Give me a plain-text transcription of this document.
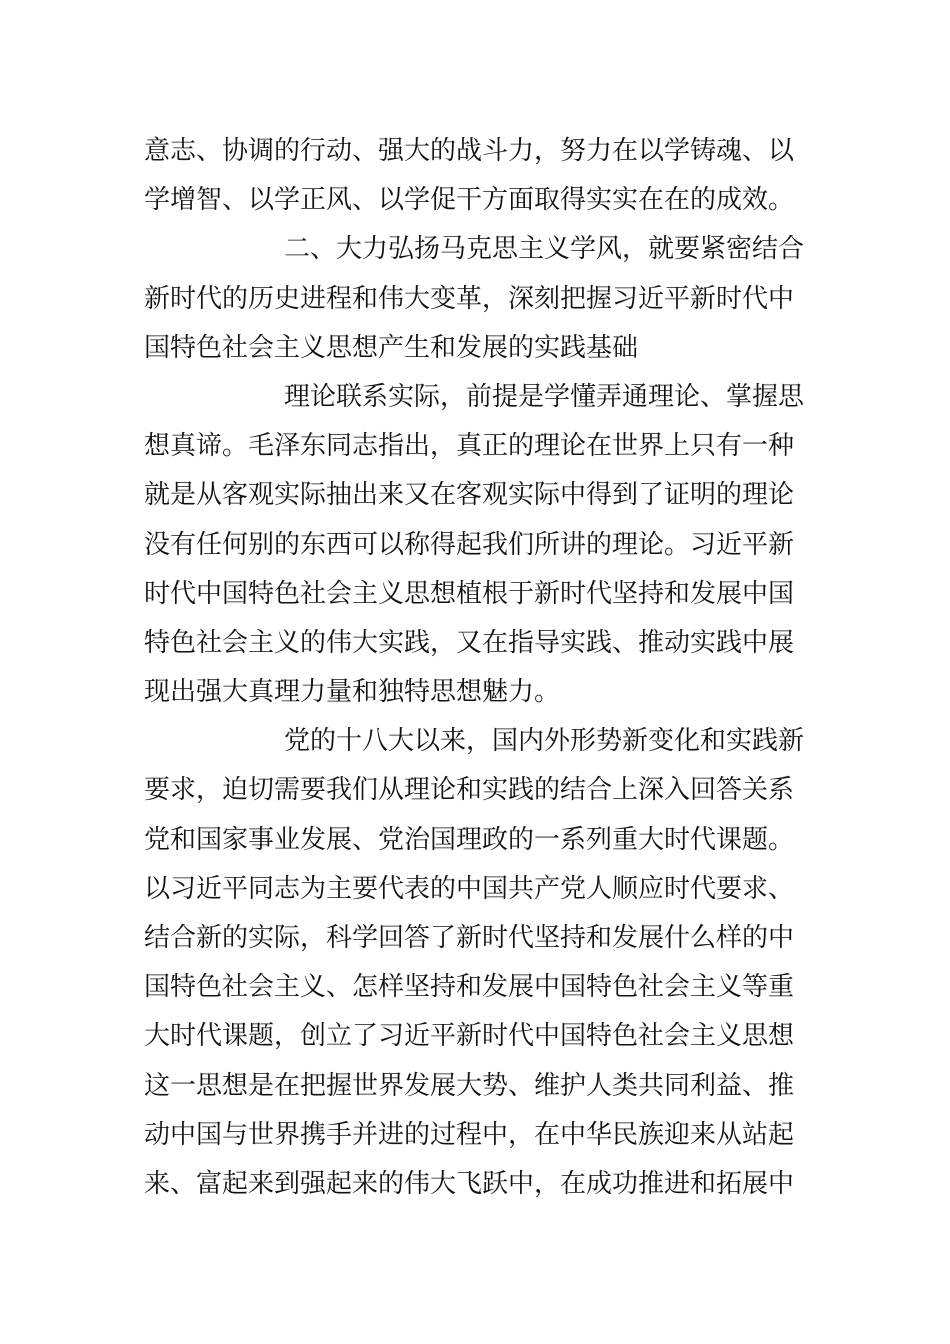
意志、协调的行动、强大的战斗力，努力在以学铸魂、以
学增智、以学正风、以学促干方面取得实实在在的成效。
二、大力弘扬马克思主义学风，就要紧密结合
新时代的历史进程和伟大变革，深刻把握习近平新时代中
国特色社会主义思想产生和发展的实践基础
理论联系实际，前提是学懂弄通理论、掌握思
想真谛。毛泽东同志指出，真正的理论在世界上只有一种
就是从客观实际抽出来又在客观实际中得到了证明的理论
没有任何别的东西可以称得起我们所讲的理论。习近平新
时代中国特色社会主义思想植根于新时代坚持和发展中国
特色社会主义的伟大实践，又在指导实践、推动实践中展
现出强大真理力量和独特思想魅力。
党的十八大以来，国内外形势新变化和实践新
要求，迫切需要我们从理论和实践的结合上深入回答关系
党和国家事业发展、党治国理政的一系列重大时代课题。
以习近平同志为主要代表的中国共产党人顺应时代要求、
结合新的实际，科学回答了新时代坚持和发展什么样的中
国特色社会主义、怎样坚持和发展中国特色社会主义等重
大时代课题，创立了习近平新时代中国特色社会主义思想
这一思想是在把握世界发展大势、维护人类共同利益、推
动中国与世界携手并进的过程中，在中华民族迎来从站起
来、富起来到强起来的伟大飞跃中，在成功推进和拓展中
